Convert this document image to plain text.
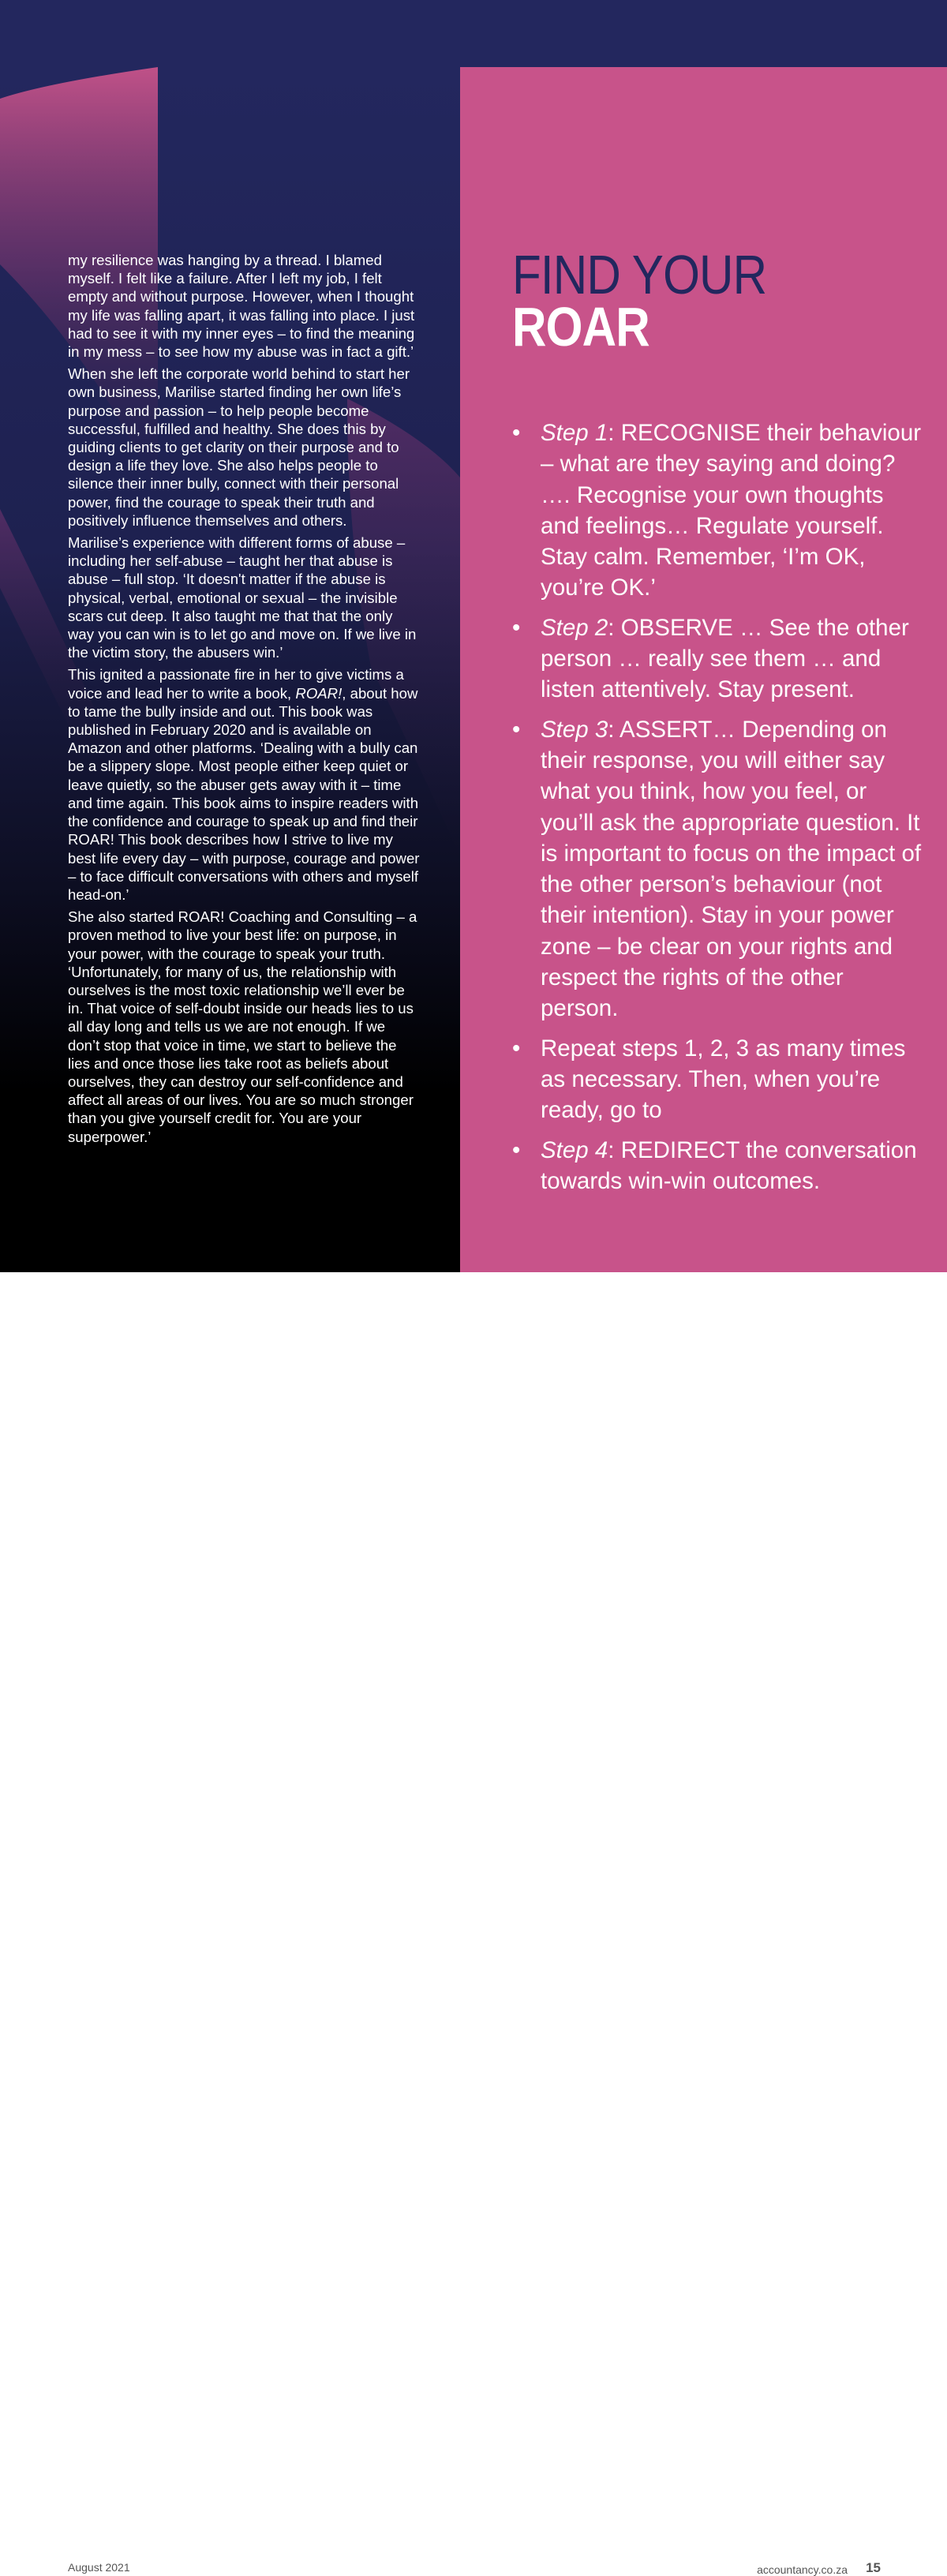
my resilience was hanging by a thread. I blamed myself. I felt like a failure. After I left my job, I felt empty and without purpose. However, when I thought my life was falling apart, it was falling into place. I just had to see it with my inner eyes – to find the meaning in my mess – to see how my abuse was in fact a gift.’

When she left the corporate world behind to start her own business, Marilise started finding her own life’s purpose and passion – to help people become successful, fulfilled and healthy. She does this by guiding clients to get clarity on their purpose and to design a life they love. She also helps people to silence their inner bully, connect with their personal power, find the courage to speak their truth and positively influence themselves and others.

Marilise’s experience with different forms of abuse – including her self-abuse – taught her that abuse is abuse – full stop. ‘It doesn't matter if the abuse is physical, verbal, emotional or sexual – the invisible scars cut deep. It also taught me that that the only way you can win is to let go and move on. If we live in the victim story, the abusers win.’

This ignited a passionate fire in her to give victims a voice and lead her to write a book, ROAR!, about how to tame the bully inside and out. This book was published in February 2020 and is available on Amazon and other platforms. ‘Dealing with a bully can be a slippery slope. Most people either keep quiet or leave quietly, so the abuser gets away with it – time and time again. This book aims to inspire readers with the confidence and courage to speak up and find their ROAR! This book describes how I strive to live my best life every day – with purpose, courage and power – to face difficult conversations with others and myself head-on.’

She also started ROAR! Coaching and Consulting – a proven method to live your best life: on purpose, in your power, with the courage to speak your truth. ‘Unfortunately, for many of us, the relationship with ourselves is the most toxic relationship we’ll ever be in. That voice of self-doubt inside our heads lies to us all day long and tells us we are not enough. If we don’t stop that voice in time, we start to believe the lies and once those lies take root as beliefs about ourselves, they can destroy our self-confidence and affect all areas of our lives. You are so much stronger than you give yourself credit for. You are your superpower.’

FIND YOUR
ROAR
• Step 1: RECOGNISE their behaviour – what are they saying and doing? …. Recognise your own thoughts and feelings… Regulate yourself. Stay calm. Remember, ‘I’m OK, you’re OK.’
• Step 2: OBSERVE … See the other person … really see them … and listen attentively. Stay present.
• Step 3: ASSERT… Depending on their response, you will either say what you think, how you feel, or you’ll ask the appropriate question. It is important to focus on the impact of the other person’s behaviour (not their intention). Stay in your power zone – be clear on your rights and respect the rights of the other person.
• Repeat steps 1, 2, 3 as many times as necessary. Then, when you’re ready, go to
• Step 4: REDIRECT the conversation towards win-win outcomes.
August 2021	accountancy.co.za 15
